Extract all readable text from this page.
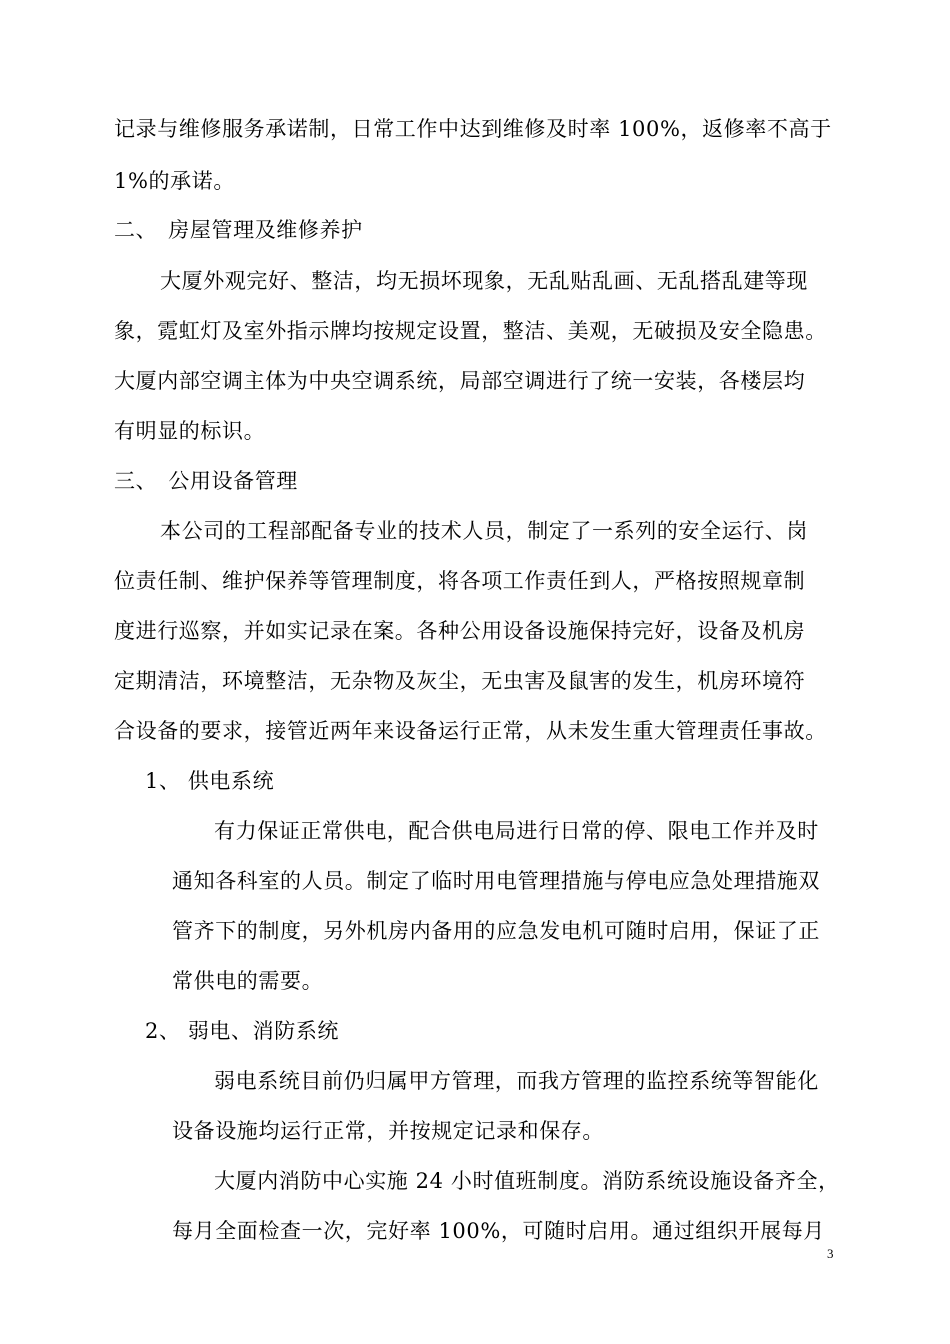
记录与维修服务承诺制，日常工作中达到维修及时率 100%，返修率不高于
1%的承诺。
二、　房屋管理及维修养护
大厦外观完好、整洁，均无损坏现象，无乱贴乱画、无乱搭乱建等现
象，霓虹灯及室外指示牌均按规定设置，整洁、美观，无破损及安全隐患。
大厦内部空调主体为中央空调系统，局部空调进行了统一安装，各楼层均
有明显的标识。
三、　公用设备管理
本公司的工程部配备专业的技术人员，制定了一系列的安全运行、岗
位责任制、维护保养等管理制度，将各项工作责任到人，严格按照规章制
度进行巡察，并如实记录在案。各种公用设备设施保持完好，设备及机房
定期清洁，环境整洁，无杂物及灰尘，无虫害及鼠害的发生，机房环境符
合设备的要求，接管近两年来设备运行正常，从未发生重大管理责任事故。
1、 供电系统
有力保证正常供电，配合供电局进行日常的停、限电工作并及时
通知各科室的人员。制定了临时用电管理措施与停电应急处理措施双
管齐下的制度，另外机房内备用的应急发电机可随时启用，保证了正
常供电的需要。
2、 弱电、消防系统
弱电系统目前仍归属甲方管理，而我方管理的监控系统等智能化
设备设施均运行正常，并按规定记录和保存。
大厦内消防中心实施 24 小时值班制度。消防系统设施设备齐全，
每月全面检查一次，完好率 100%，可随时启用。通过组织开展每月
3
